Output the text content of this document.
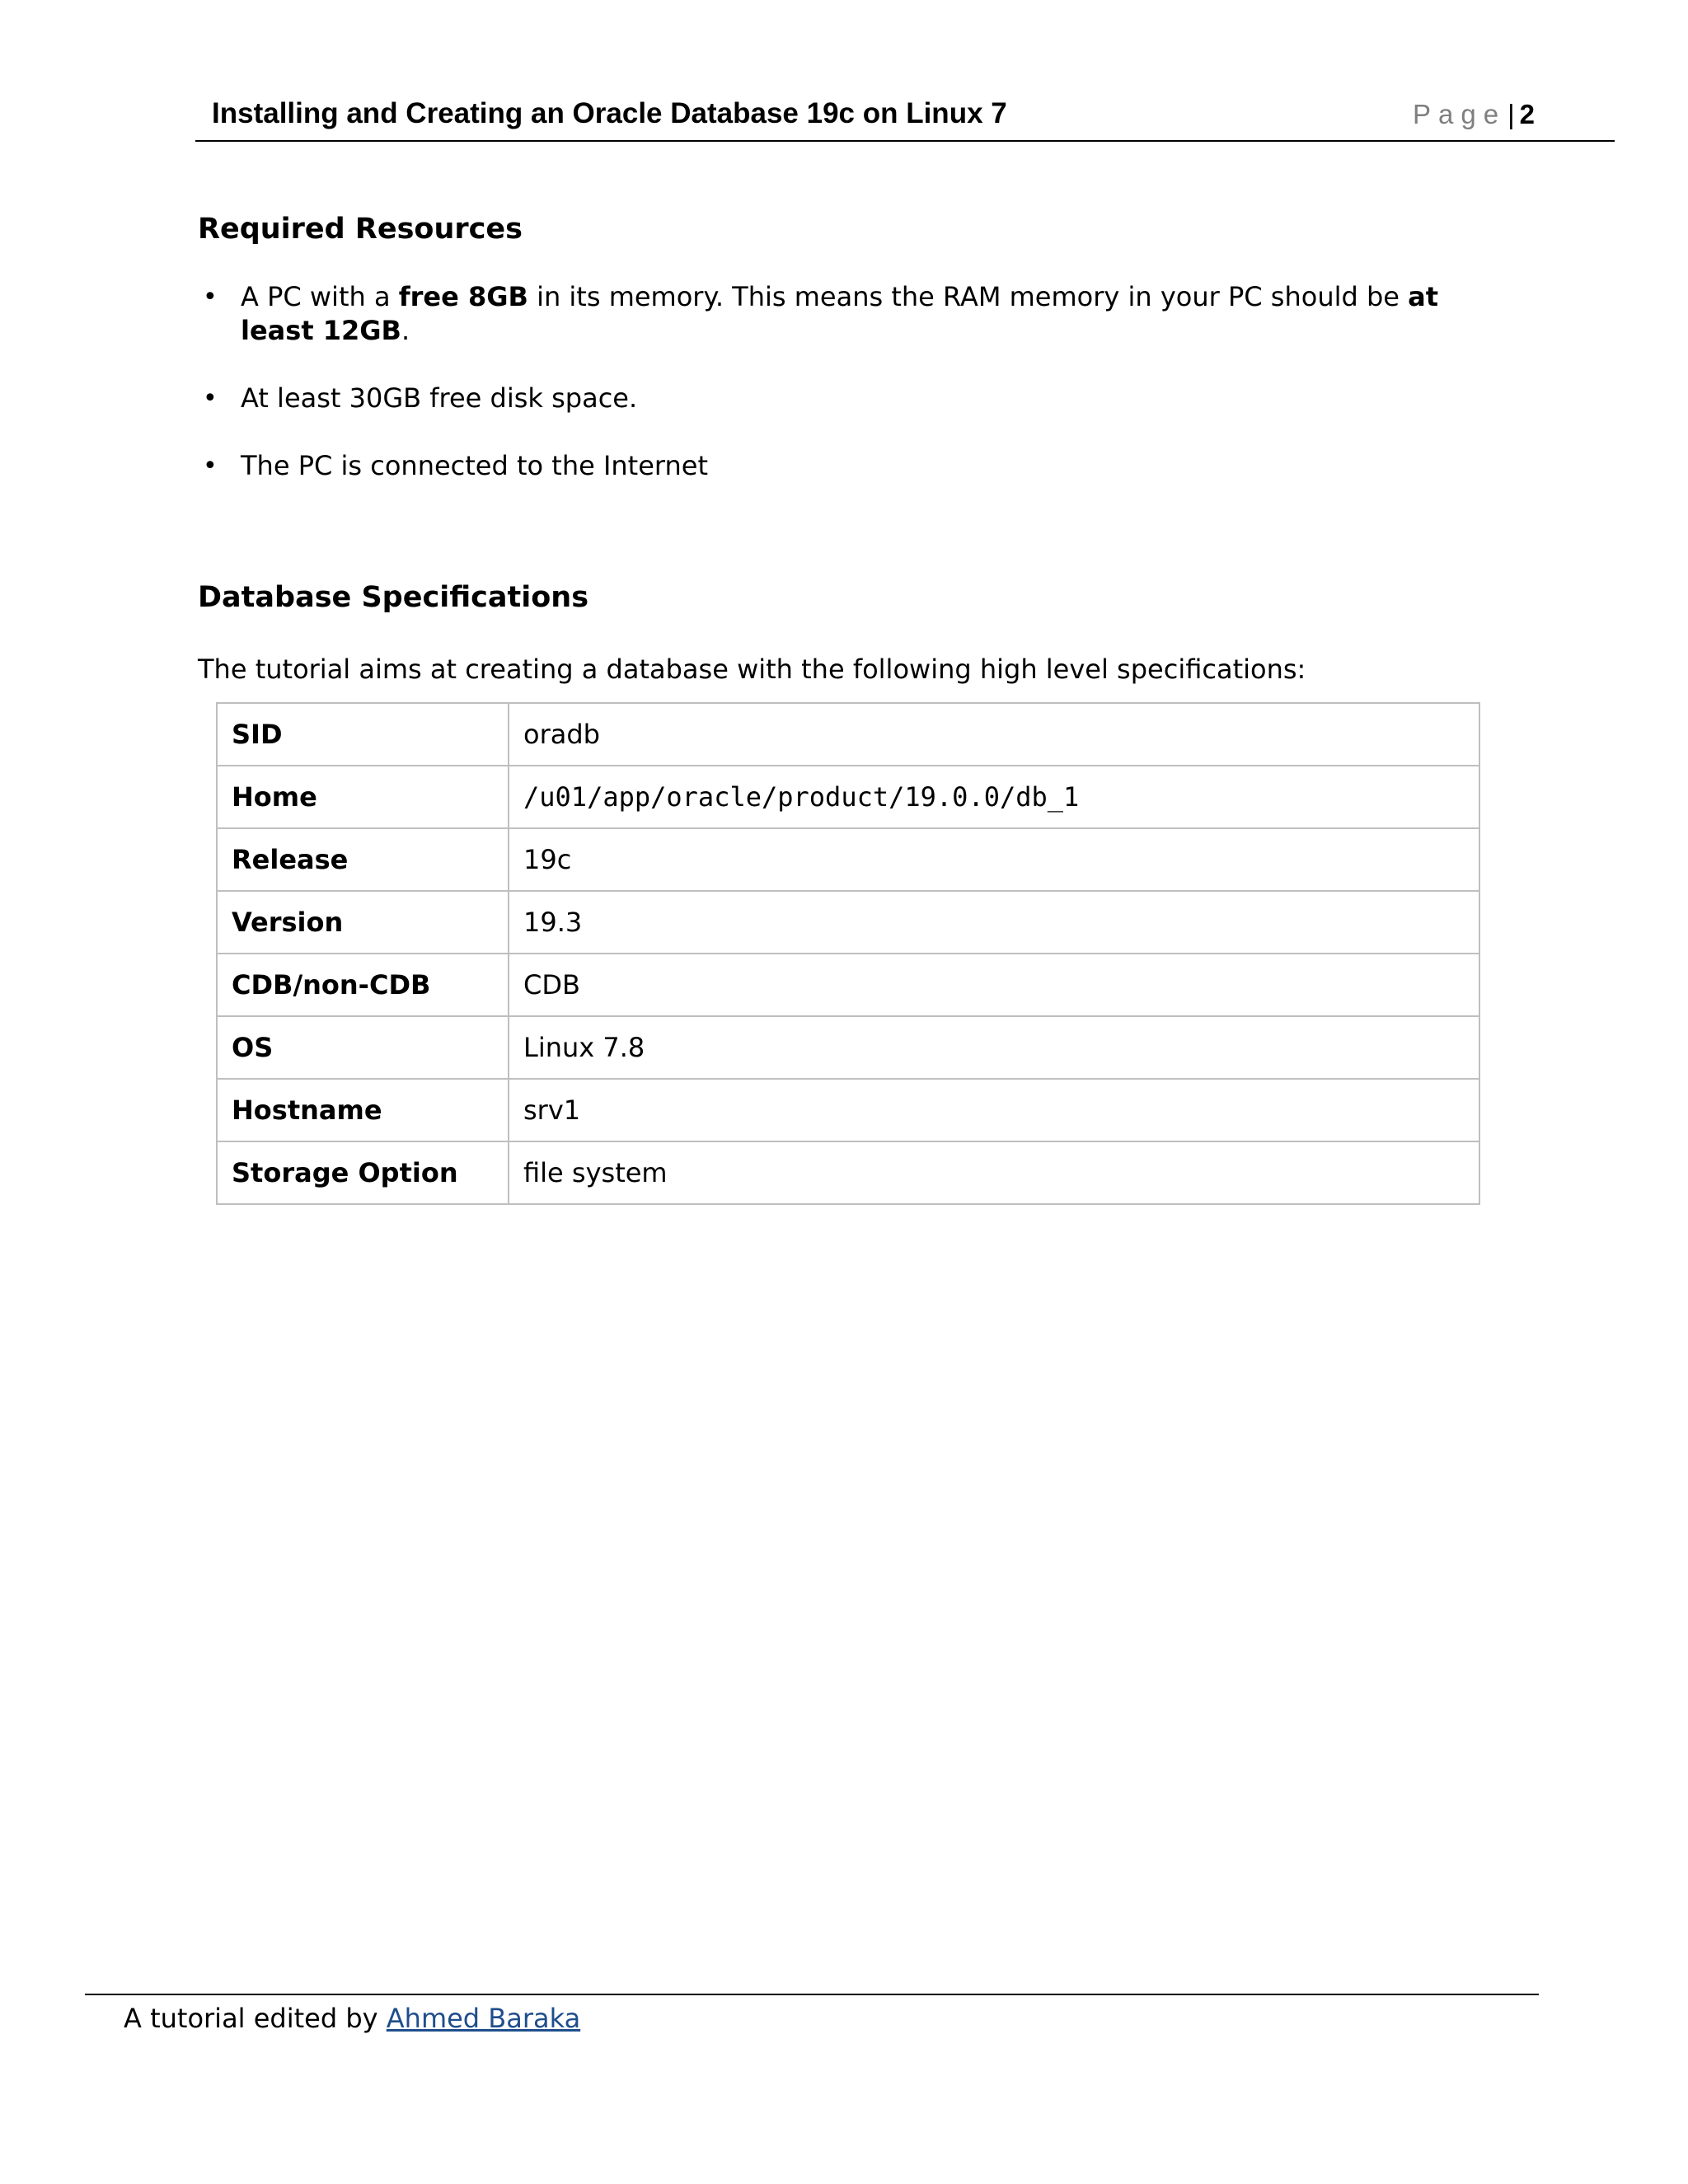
Installing and Creating an Oracle Database 19c on Linux 7	Page| 2
Required Resources
• A PC with a free 8GB in its memory. This means the RAM memory in your PC should be at least 12GB.
• At least 30GB free disk space.
• The PC is connected to the Internet
Database Specifications
The tutorial aims at creating a database with the following high level specifications:
SID	oradb
Home	/u01/app/oracle/product/19.0.0/db_1
Release	19c
Version	19.3
CDB/non-CDB	CDB
OS	Linux 7.8
Hostname	srv1
Storage Option	file system
A tutorial edited by Ahmed Baraka
